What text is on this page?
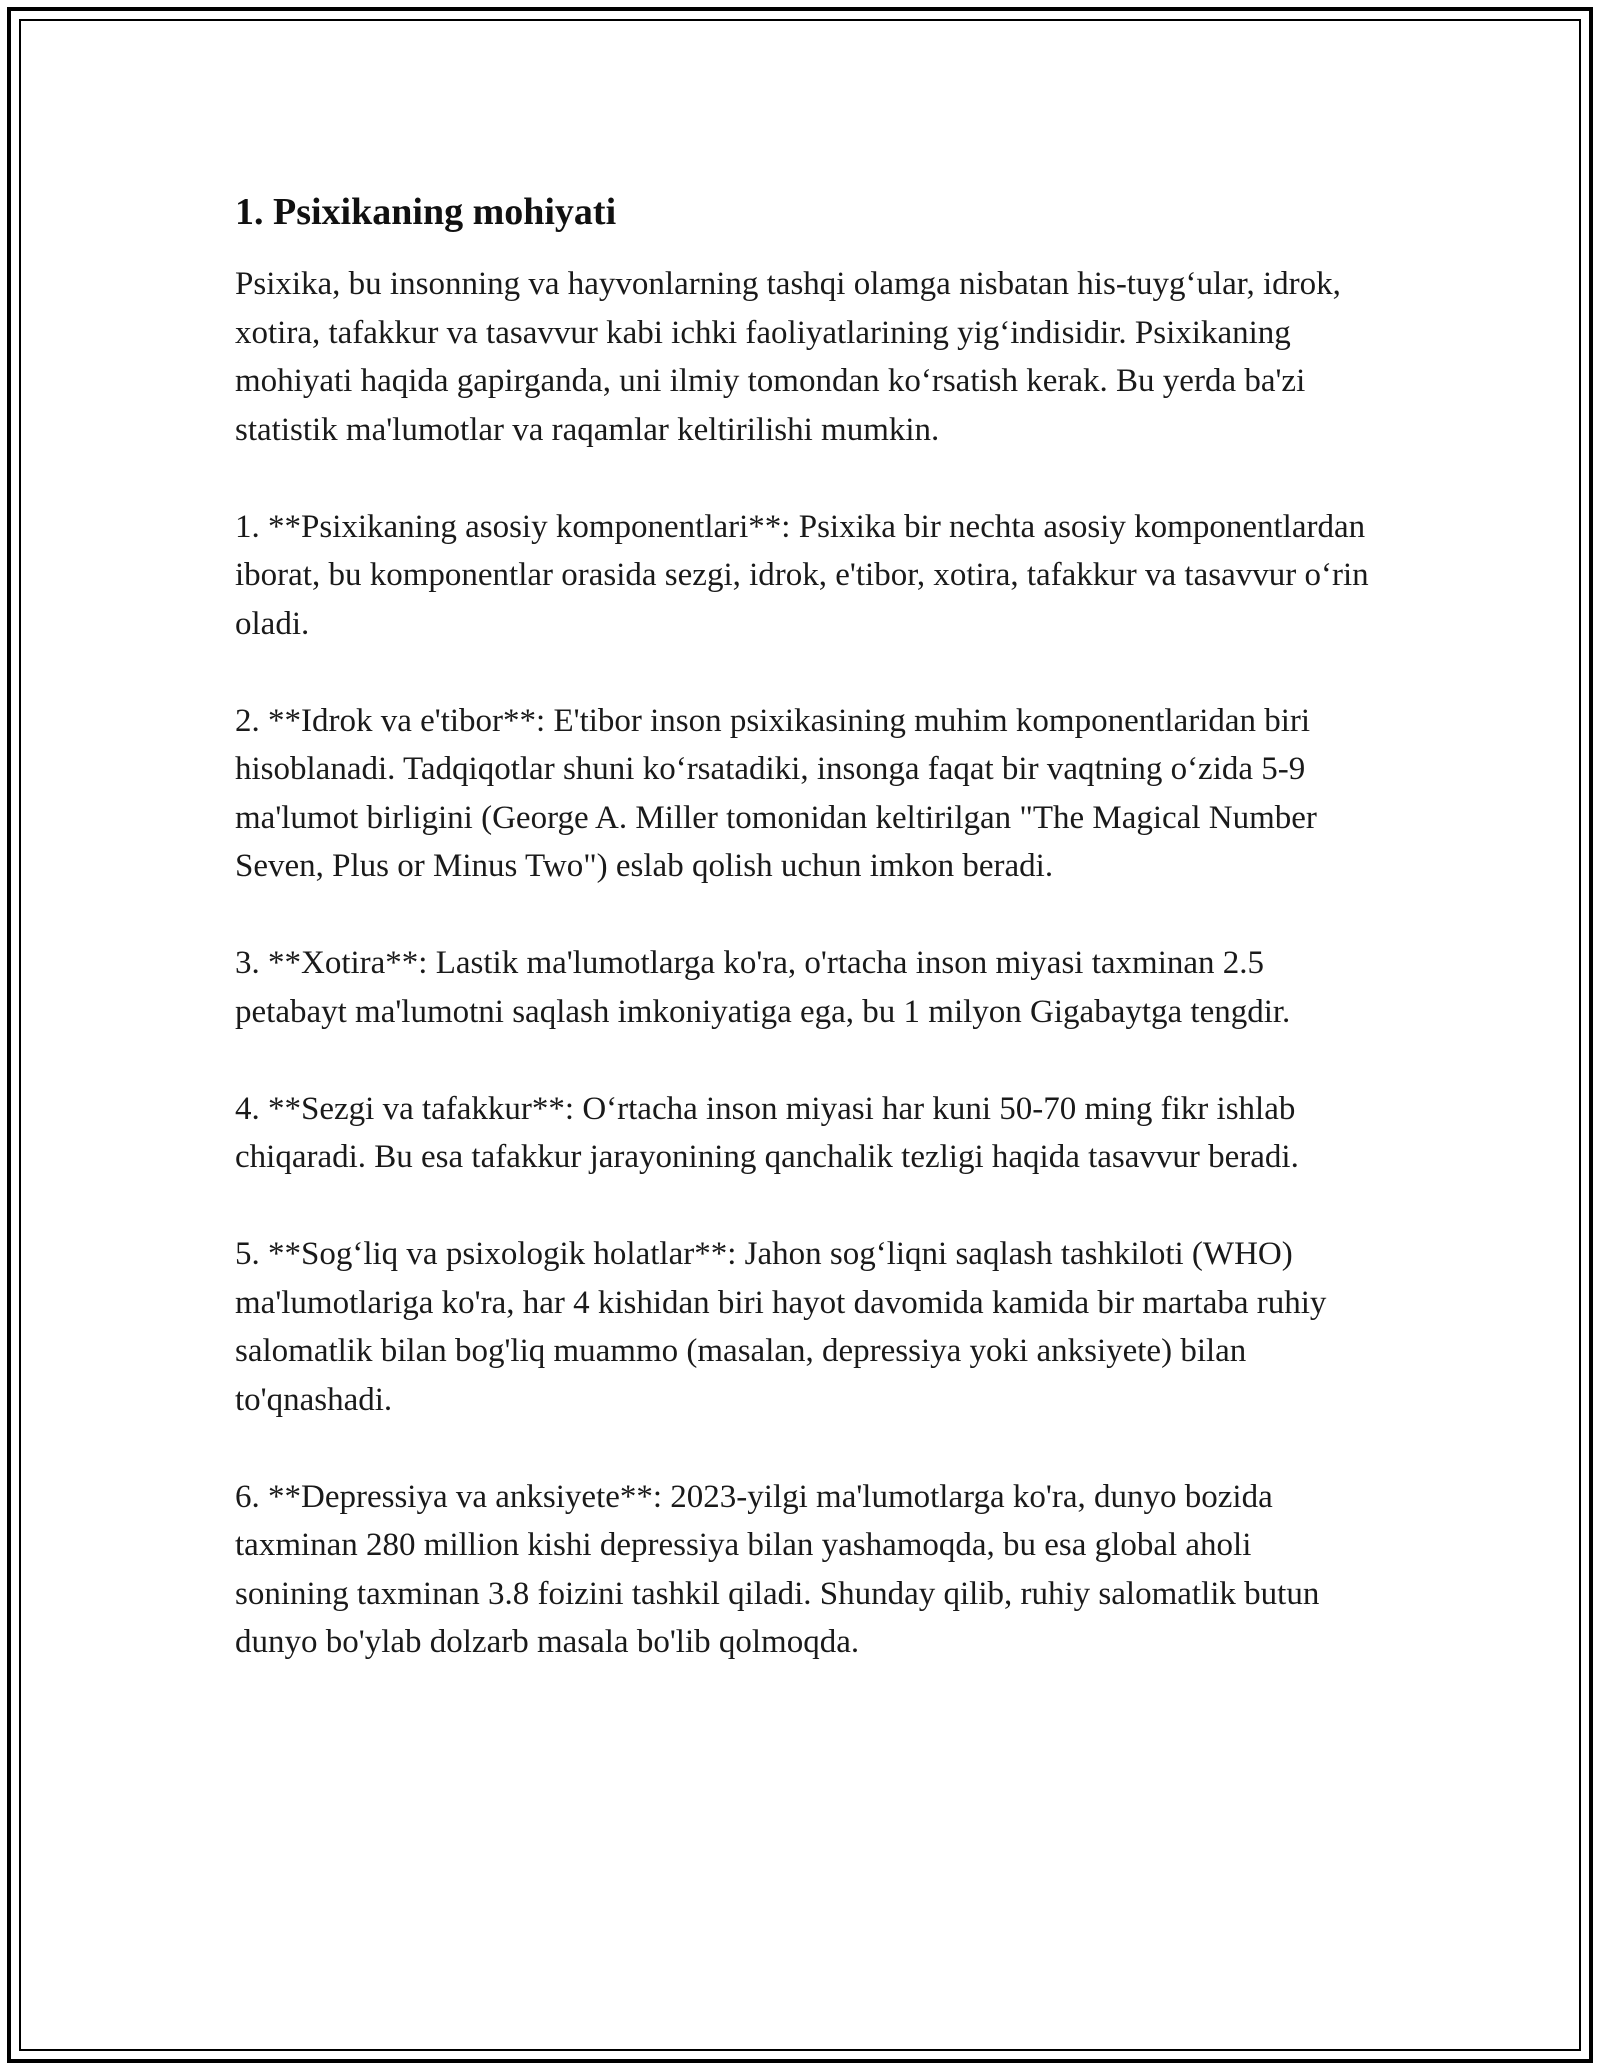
1. Psixikaning mohiyati

Psixika, bu insonning va hayvonlarning tashqi olamga nisbatan his-tuyg‘ular, idrok, xotira, tafakkur va tasavvur kabi ichki faoliyatlarining yig‘indisidir. Psixikaning mohiyati haqida gapirganda, uni ilmiy tomondan ko‘rsatish kerak. Bu yerda ba'zi statistik ma'lumotlar va raqamlar keltirilishi mumkin.

1. **Psixikaning asosiy komponentlari**: Psixika bir nechta asosiy komponentlardan iborat, bu komponentlar orasida sezgi, idrok, e'tibor, xotira, tafakkur va tasavvur o‘rin oladi.

2. **Idrok va e'tibor**: E'tibor inson psixikasining muhim komponentlaridan biri hisoblanadi. Tadqiqotlar shuni ko‘rsatadiki, insonga faqat bir vaqtning o‘zida 5-9 ma'lumot birligini (George A. Miller tomonidan keltirilgan "The Magical Number Seven, Plus or Minus Two") eslab qolish uchun imkon beradi.

3. **Xotira**: Lastik ma'lumotlarga ko'ra, o'rtacha inson miyasi taxminan 2.5 petabayt ma'lumotni saqlash imkoniyatiga ega, bu 1 milyon Gigabaytga tengdir.

4. **Sezgi va tafakkur**: O‘rtacha inson miyasi har kuni 50-70 ming fikr ishlab chiqaradi. Bu esa tafakkur jarayonining qanchalik tezligi haqida tasavvur beradi.

5. **Sog‘liq va psixologik holatlar**: Jahon sog‘liqni saqlash tashkiloti (WHO) ma'lumotlariga ko'ra, har 4 kishidan biri hayot davomida kamida bir martaba ruhiy salomatlik bilan bog'liq muammo (masalan, depressiya yoki anksiyete) bilan to'qnashadi.

6. **Depressiya va anksiyete**: 2023-yilgi ma'lumotlarga ko'ra, dunyo bozida taxminan 280 million kishi depressiya bilan yashamoqda, bu esa global aholi sonining taxminan 3.8 foizini tashkil qiladi. Shunday qilib, ruhiy salomatlik butun dunyo bo'ylab dolzarb masala bo'lib qolmoqda.
